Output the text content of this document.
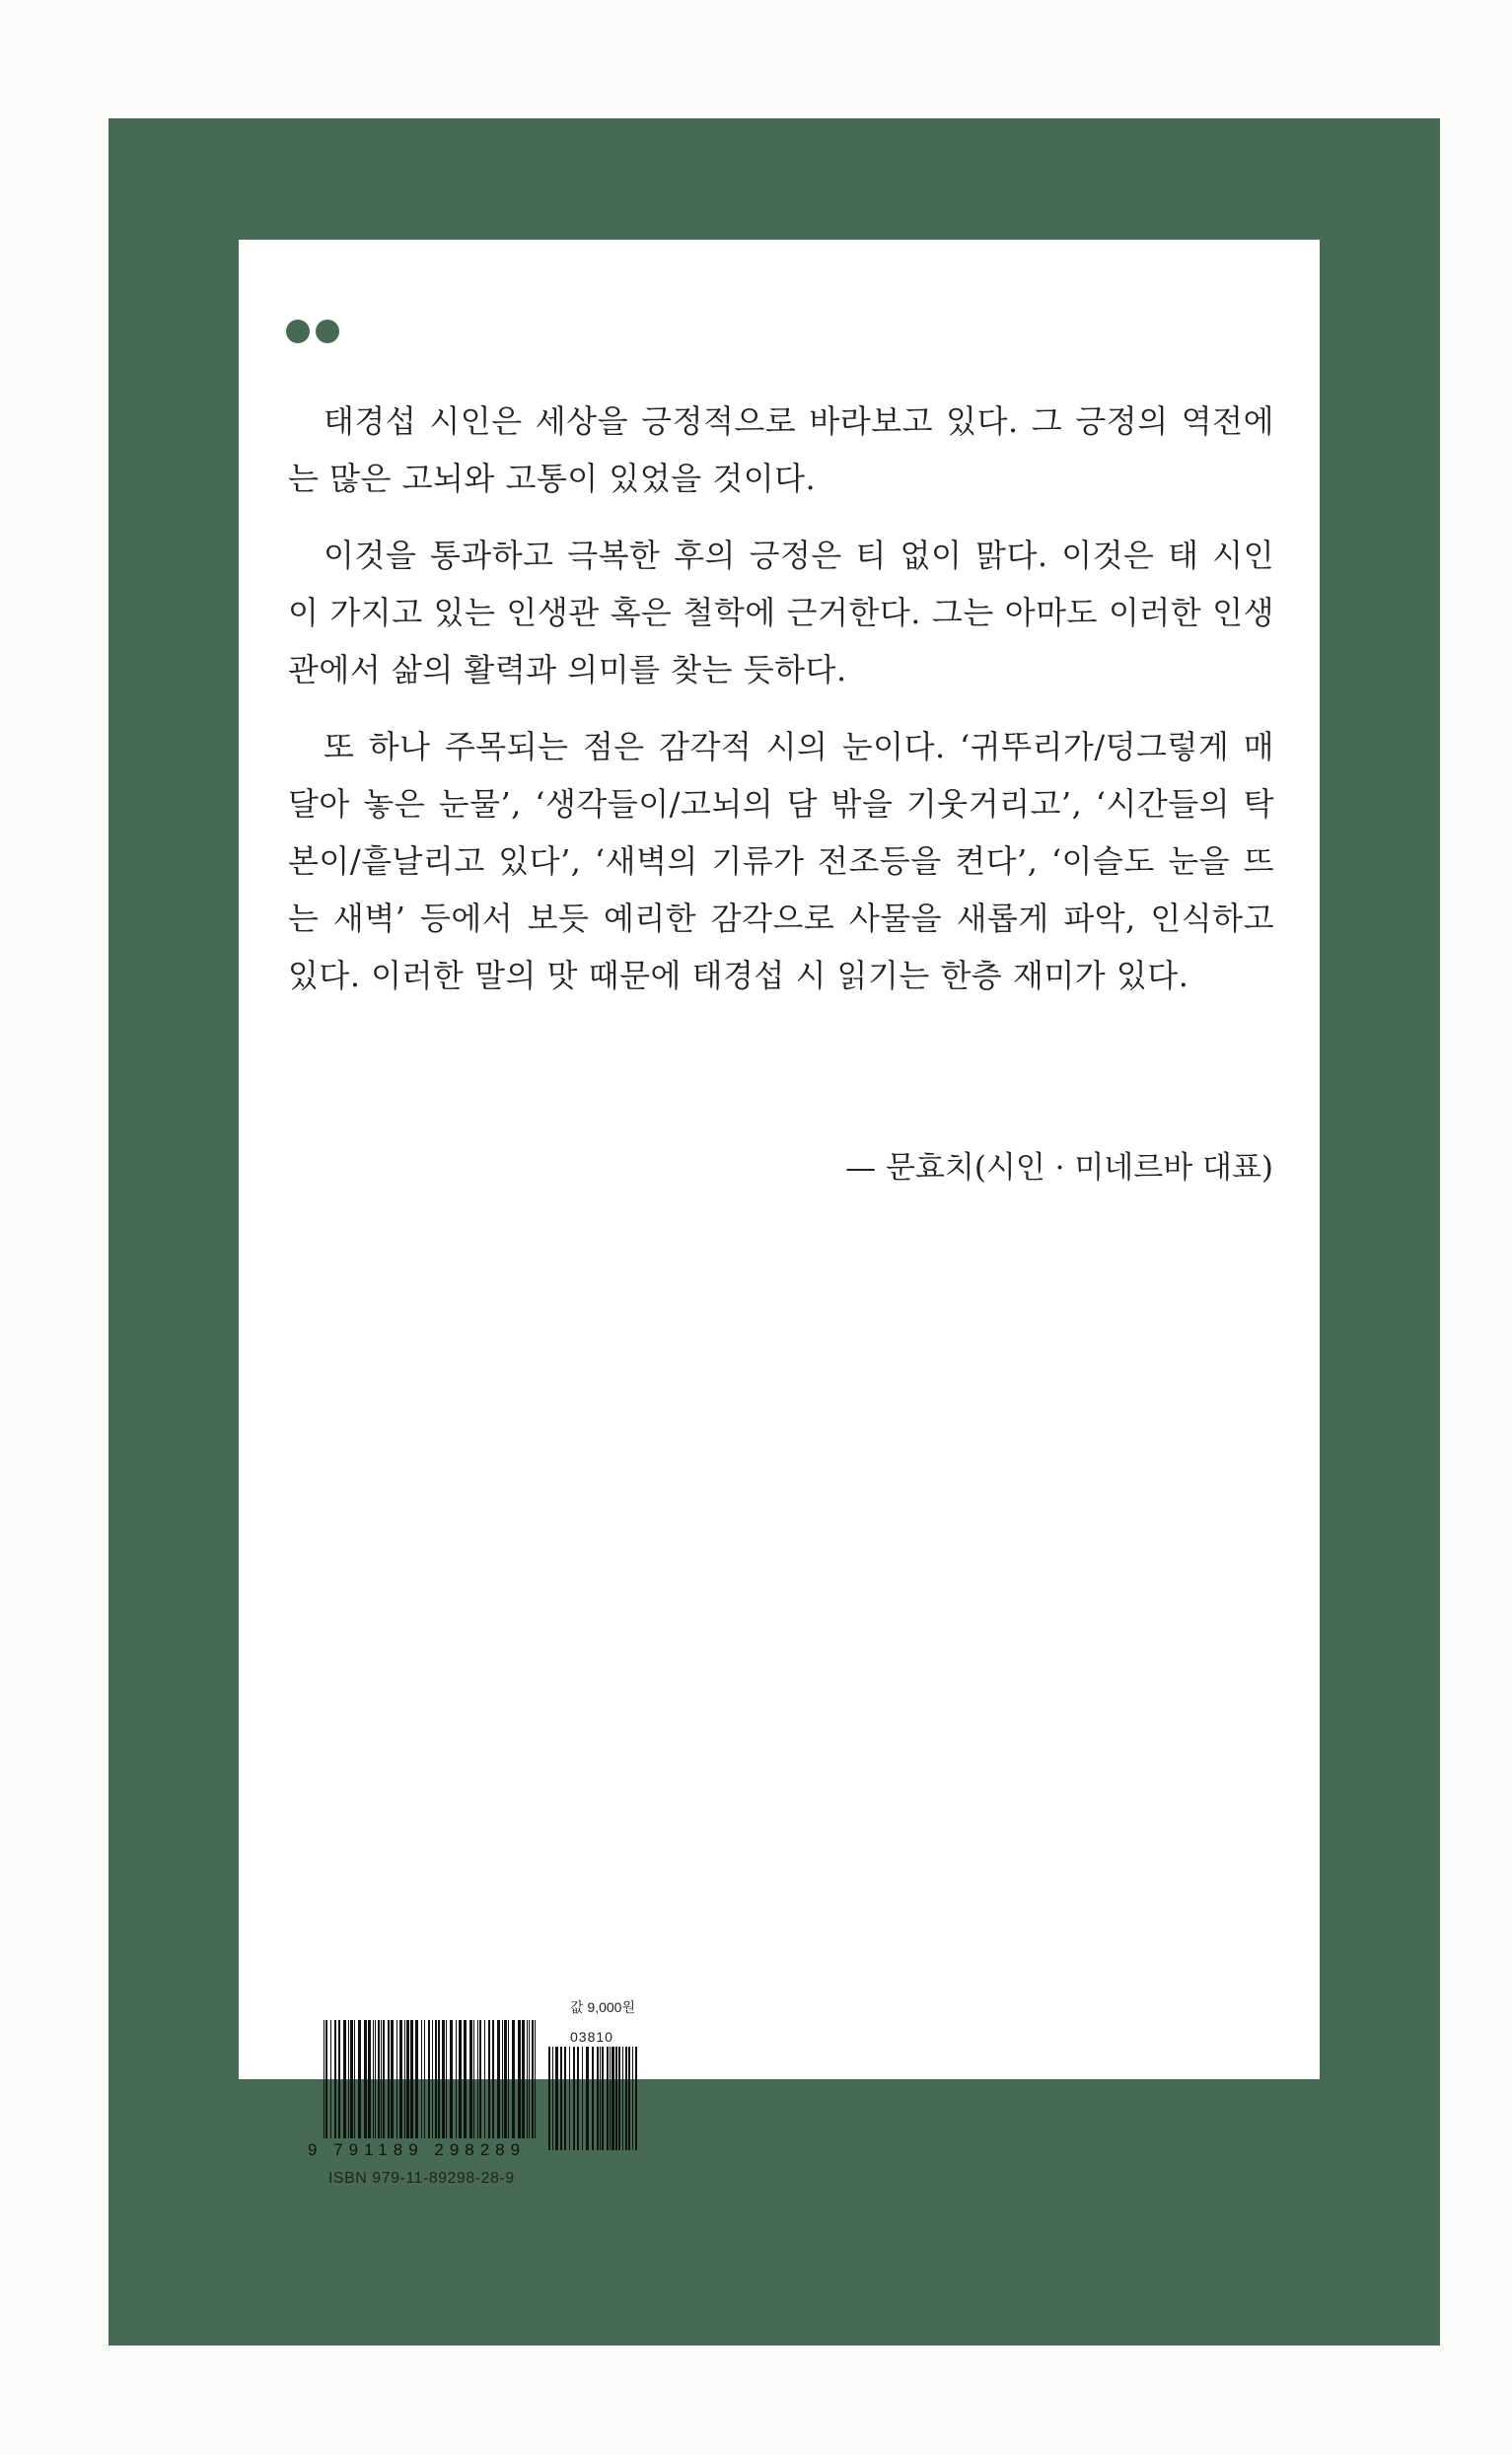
태경섭 시인은 세상을 긍정적으로 바라보고 있다. 그 긍정의 역전에는 많은 고뇌와 고통이 있었을 것이다.

이것을 통과하고 극복한 후의 긍정은 티 없이 맑다. 이것은 태 시인이 가지고 있는 인생관 혹은 철학에 근거한다. 그는 아마도 이러한 인생관에서 삶의 활력과 의미를 찾는 듯하다.

또 하나 주목되는 점은 감각적 시의 눈이다. ‘귀뚜리가/덩그렇게 매달아 놓은 눈물’, ‘생각들이/고뇌의 담 밖을 기웃거리고’, ‘시간들의 탁본이/흩날리고 있다’, ‘새벽의 기류가 전조등을 켠다’, ‘이슬도 눈을 뜨는 새벽’ 등에서 보듯 예리한 감각으로 사물을 새롭게 파악, 인식하고 있다. 이러한 말의 맛 때문에 태경섭 시 읽기는 한층 재미가 있다.

— 문효치(시인 · 미네르바 대표)
값 9,000원
03810
9 791189 298289
ISBN 979-11-89298-28-9
